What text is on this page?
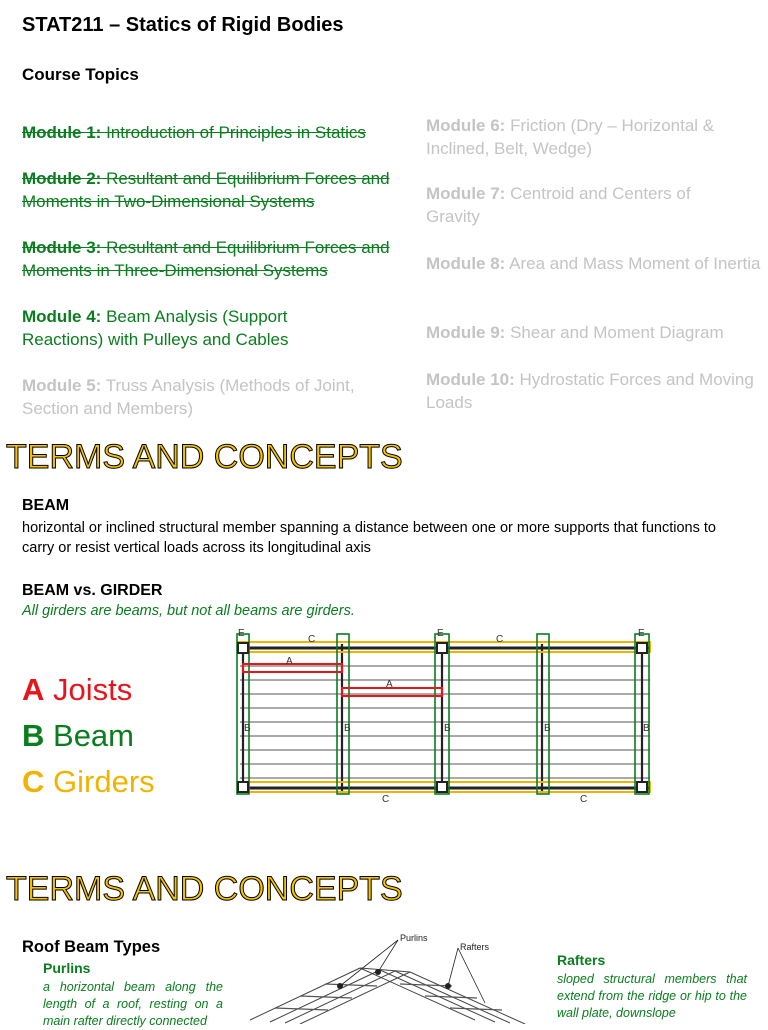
STAT211 – Statics of Rigid Bodies
Course Topics
Module 1: Introduction of Principles in Statics
Module 2: Resultant and Equilibrium Forces and Moments in Two-Dimensional Systems
Module 3: Resultant and Equilibrium Forces and Moments in Three-Dimensional Systems
Module 4: Beam Analysis (Support Reactions) with Pulleys and Cables
Module 5: Truss Analysis (Methods of Joint, Section and Members)
Module 6: Friction (Dry – Horizontal & Inclined, Belt, Wedge)
Module 7: Centroid and Centers of Gravity
Module 8: Area and Mass Moment of Inertia
Module 9: Shear and Moment Diagram
Module 10: Hydrostatic Forces and Moving Loads
TERMS AND CONCEPTS
BEAM
horizontal or inclined structural member spanning a distance between one or more supports that functions to carry or resist vertical loads across its longitudinal axis
BEAM vs. GIRDER
All girders are beams, but not all beams are girders.
A Joists
B Beam
C Girders
E	E	E
C	C
C	C
A
A
B	B	B	B	B
TERMS AND CONCEPTS
Roof Beam Types
Purlins
a horizontal beam along the length of a roof, resting on a main rafter directly connected
Rafters
sloped structural members that extend from the ridge or hip to the wall plate, downslope
Purlins
Rafters
